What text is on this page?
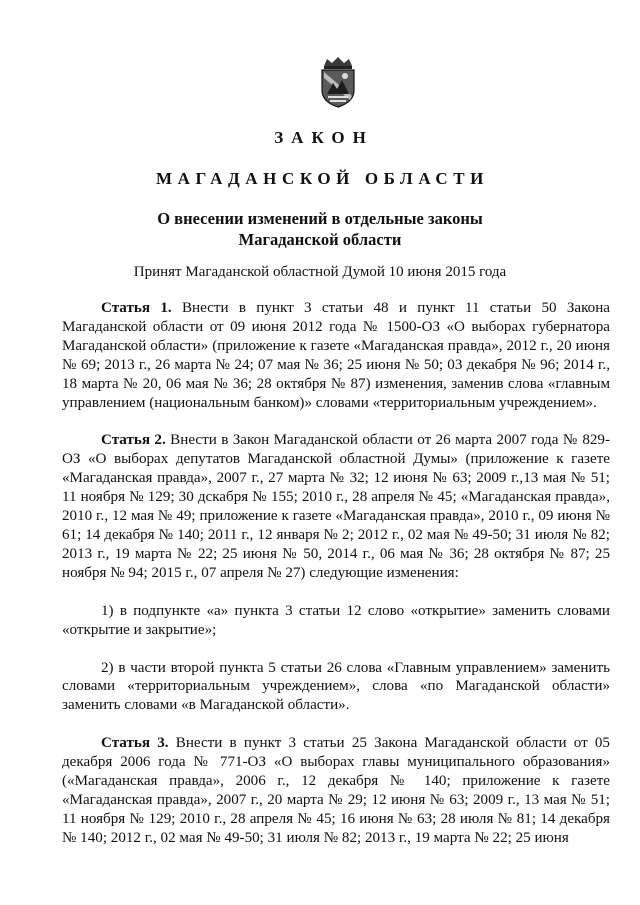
ЗАКОН
МАГАДАНСКОЙ ОБЛАСТИ
О внесении изменений в отдельные законы
Магаданской области
Принят Магаданской областной Думой 10 июня 2015 года

Статья 1. Внести в пункт 3 статьи 48 и пункт 11 статьи 50 Закона Магаданской области от 09 июня 2012 года № 1500-ОЗ «О выборах губернатора Магаданской области» (приложение к газете «Магаданская правда», 2012 г., 20 июня № 69; 2013 г., 26 марта № 24; 07 мая № 36; 25 июня № 50; 03 декабря № 96; 2014 г., 18 марта № 20, 06 мая № 36; 28 октября № 87) изменения, заменив слова «главным управлением (национальным банком)» словами «территориальным учреждением».

Статья 2. Внести в Закон Магаданской области от 26 марта 2007 года № 829-ОЗ «О выборах депутатов Магаданской областной Думы» (приложение к газете «Магаданская правда», 2007 г., 27 марта № 32; 12 июня № 63; 2009 г.,13 мая № 51; 11 ноября № 129; 30 дскабря № 155; 2010 г., 28 апреля № 45; «Магаданская правда», 2010 г., 12 мая № 49; приложение к газете «Магаданская правда», 2010 г., 09 июня № 61; 14 декабря № 140; 2011 г., 12 января № 2; 2012 г., 02 мая № 49-50; 31 июля № 82; 2013 г., 19 марта № 22; 25 июня № 50, 2014 г., 06 мая № 36; 28 октября № 87; 25 ноября № 94; 2015 г., 07 апреля № 27) следующие изменения:

1) в подпункте «а» пункта 3 статьи 12 слово «открытие» заменить словами «открытие и закрытие»;

2) в части второй пункта 5 статьи 26 слова «Главным управлением» заменить словами «территориальным учреждением», слова «по Магаданской области» заменить словами «в Магаданской области».

Статья 3. Внести в пункт 3 статьи 25 Закона Магаданской области от 05 декабря 2006 года № 771-ОЗ «О выборах главы муниципального образования» («Магаданская правда», 2006 г., 12 декабря № 140; приложение к газете «Магаданская правда», 2007 г., 20 марта № 29; 12 июня № 63; 2009 г., 13 мая № 51; 11 ноября № 129; 2010 г., 28 апреля № 45; 16 июня № 63; 28 июля № 81; 14 декабря № 140; 2012 г., 02 мая № 49-50; 31 июля № 82; 2013 г., 19 марта № 22; 25 июня
